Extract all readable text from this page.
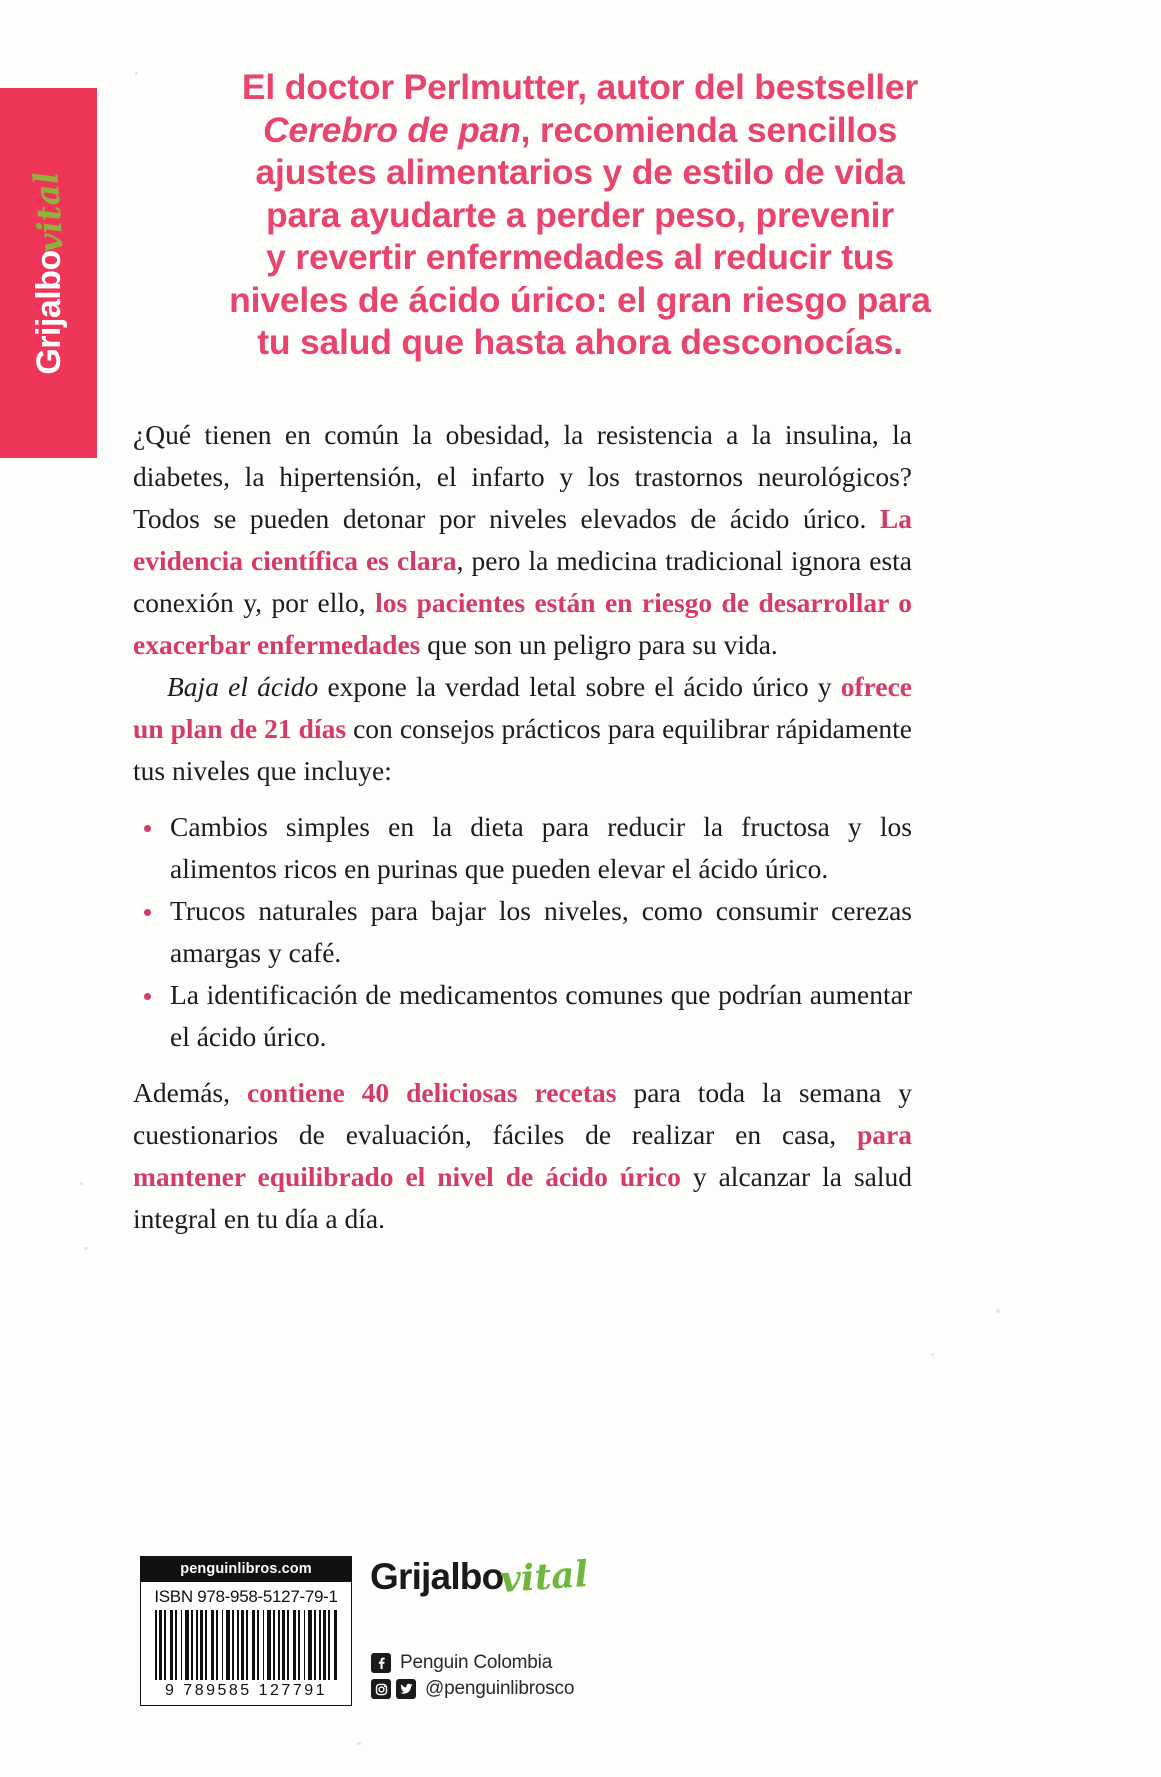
Grijalbo
vital
El doctor Perlmutter, autor del bestseller
Cerebro de pan, recomienda sencillos
ajustes alimentarios y de estilo de vida
para ayudarte a perder peso, prevenir
y revertir enfermedades al reducir tus
niveles de ácido úrico: el gran riesgo para
tu salud que hasta ahora desconocías.

¿Qué tienen en común la obesidad, la resistencia a la insulina, la diabetes, la hipertensión, el infarto y los trastornos neurológicos? Todos se pueden detonar por niveles elevados de ácido úrico. La evidencia científica es clara, pero la medicina tradicional ignora esta conexión y, por ello, los pacientes están en riesgo de desarrollar o exacerbar enfermedades que son un peligro para su vida.

Baja el ácido expone la verdad letal sobre el ácido úrico y ofrece un plan de 21 días con consejos prácticos para equilibrar rápidamente tus niveles que incluye:

Cambios simples en la dieta para reducir la fructosa y los alimentos ricos en purinas que pueden elevar el ácido úrico.
Trucos naturales para bajar los niveles, como consumir cerezas amargas y café.
La identificación de medicamentos comunes que podrían aumentar el ácido úrico.

Además, contiene 40 deliciosas recetas para toda la semana y cuestionarios de evaluación, fáciles de realizar en casa, para mantener equilibrado el nivel de ácido úrico y alcanzar la salud integral en tu día a día.

penguinlibros.com
ISBN 978-958-5127-79-1
9 789585 127791
Grijalbo
vital
Penguin Colombia
@penguinlibrosco
